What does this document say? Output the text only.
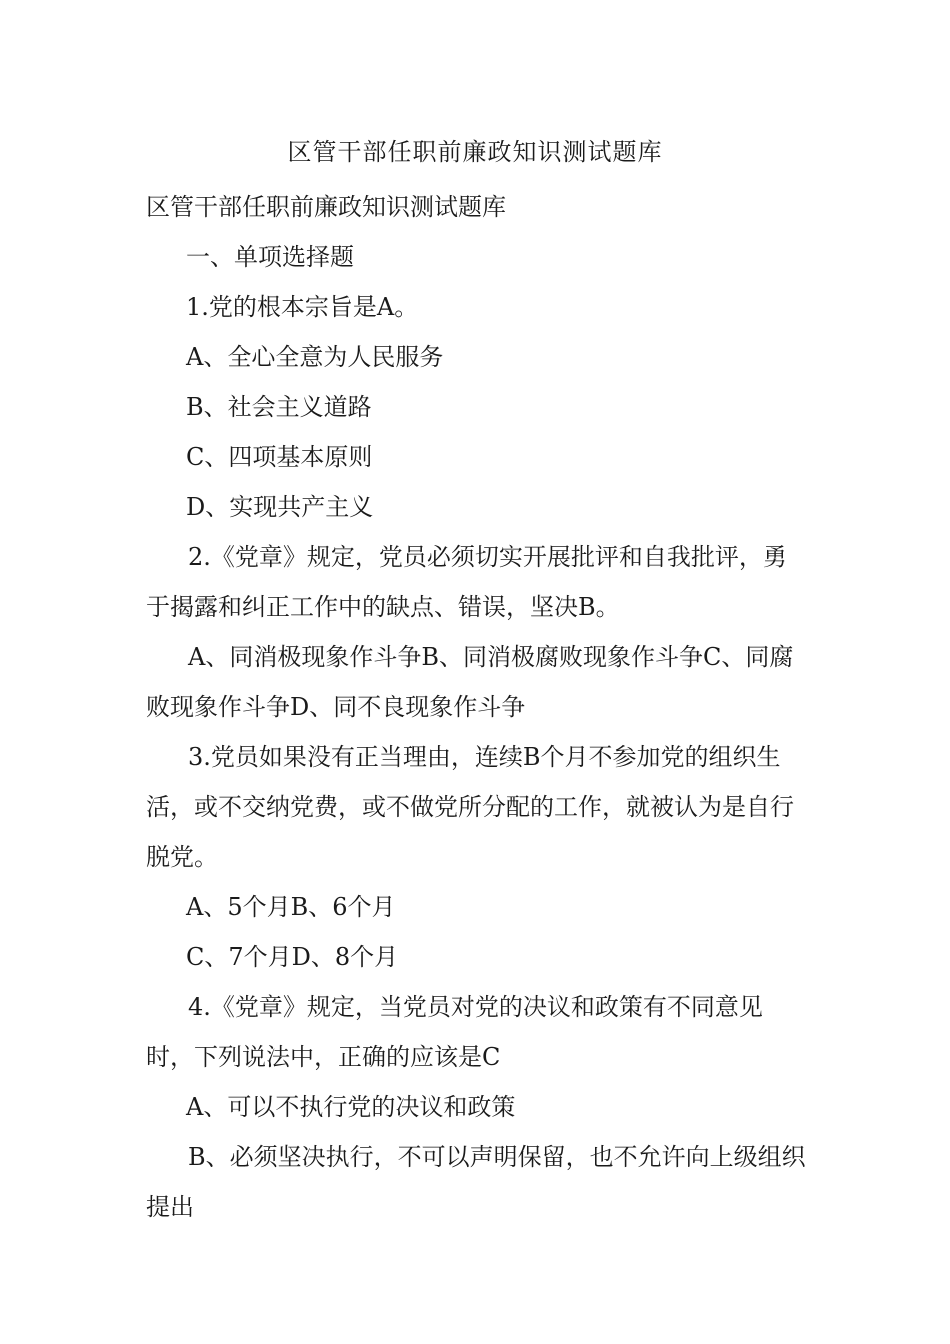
区管干部任职前廉政知识测试题库

区管干部任职前廉政知识测试题库

一、单项选择题

1.党的根本宗旨是A。

A、全心全意为人民服务

B、社会主义道路

C、四项基本原则

D、实现共产主义

2.《党章》规定，党员必须切实开展批评和自我批评，勇于揭露和纠正工作中的缺点、错误，坚决B。

A、同消极现象作斗争B、同消极腐败现象作斗争C、同腐败现象作斗争D、同不良现象作斗争

3.党员如果没有正当理由，连续B个月不参加党的组织生活，或不交纳党费，或不做党所分配的工作，就被认为是自行脱党。

A、5个月B、6个月

C、7个月D、8个月

4.《党章》规定，当党员对党的决议和政策有不同意见时，下列说法中，正确的应该是C

A、可以不执行党的决议和政策

B、必须坚决执行，不可以声明保留，也不允许向上级组织提出
